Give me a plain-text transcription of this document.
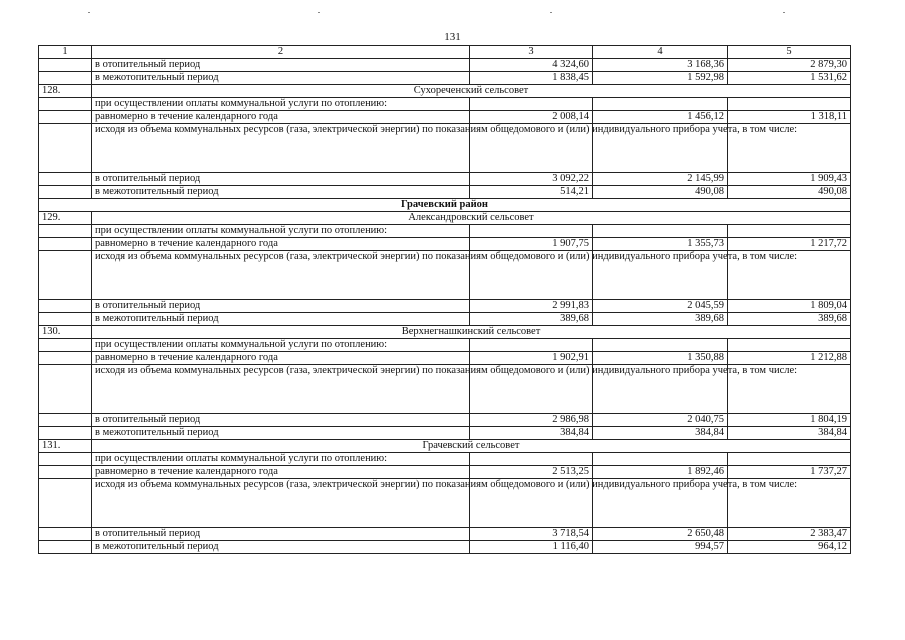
131
1	2	3	4	5
	в отопительный период	4 324,60	3 168,36	2 879,30
	в межотопительный период	1 838,45	1 592,98	1 531,62
128.	Сухореченский сельсовет			
	при осуществлении оплаты коммунальной услуги по отоплению:			
	равномерно в течение календарного года	2 008,14	1 456,12	1 318,11
	исходя из объема коммунальных ресурсов (газа, электрической энергии) по показаниям общедомового и (или) индивидуального прибора учета, в том числе:			
	в отопительный период	3 092,22	2 145,99	1 909,43
	в межотопительный период	514,21	490,08	490,08
Грачевский район				
129.	Александровский сельсовет			
	при осуществлении оплаты коммунальной услуги по отоплению:			
	равномерно в течение календарного года	1 907,75	1 355,73	1 217,72
	исходя из объема коммунальных ресурсов (газа, электрической энергии) по показаниям общедомового и (или) индивидуального прибора учета, в том числе:			
	в отопительный период	2 991,83	2 045,59	1 809,04
	в межотопительный период	389,68	389,68	389,68
130.	Верхнегнашкинский сельсовет			
	при осуществлении оплаты коммунальной услуги по отоплению:			
	равномерно в течение календарного года	1 902,91	1 350,88	1 212,88
	исходя из объема коммунальных ресурсов (газа, электрической энергии) по показаниям общедомового и (или) индивидуального прибора учета, в том числе:			
	в отопительный период	2 986,98	2 040,75	1 804,19
	в межотопительный период	384,84	384,84	384,84
131.	Грачевский сельсовет			
	при осуществлении оплаты коммунальной услуги по отоплению:			
	равномерно в течение календарного года	2 513,25	1 892,46	1 737,27
	исходя из объема коммунальных ресурсов (газа, электрической энергии) по показаниям общедомового и (или) индивидуального прибора учета, в том числе:			
	в отопительный период	3 718,54	2 650,48	2 383,47
	в межотопительный период	1 116,40	994,57	964,12
